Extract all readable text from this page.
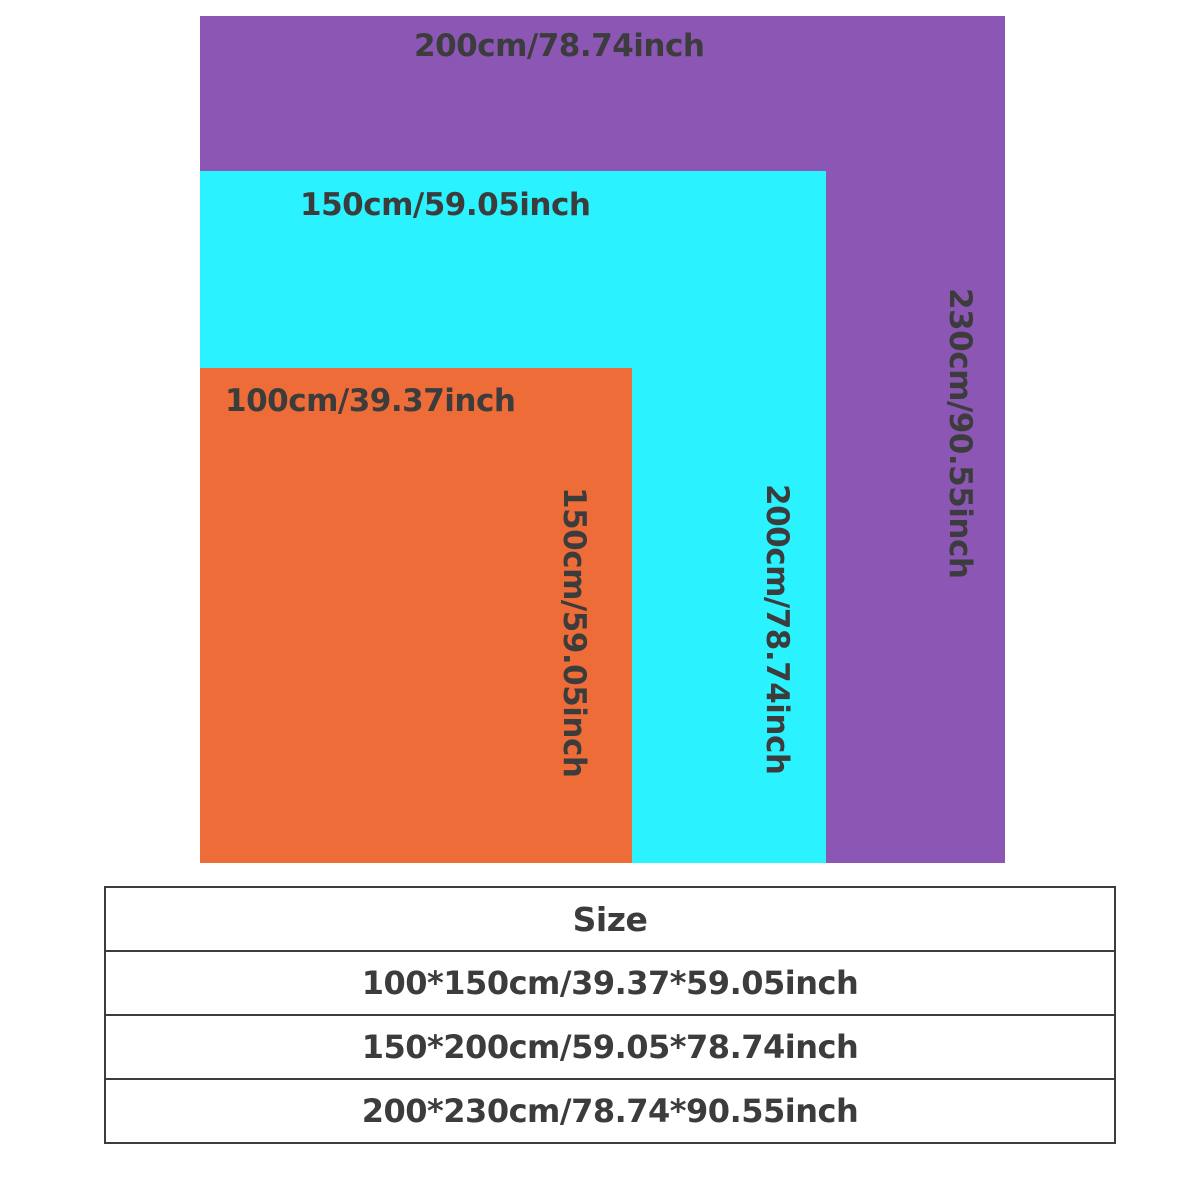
200cm/78.74inch
150cm/59.05inch
100cm/39.37inch	230cm/90.55inch
200cm/78.74inch
150cm/59.05inch
Size
100*150cm/39.37*59.05inch
150*200cm/59.05*78.74inch
200*230cm/78.74*90.55inch
